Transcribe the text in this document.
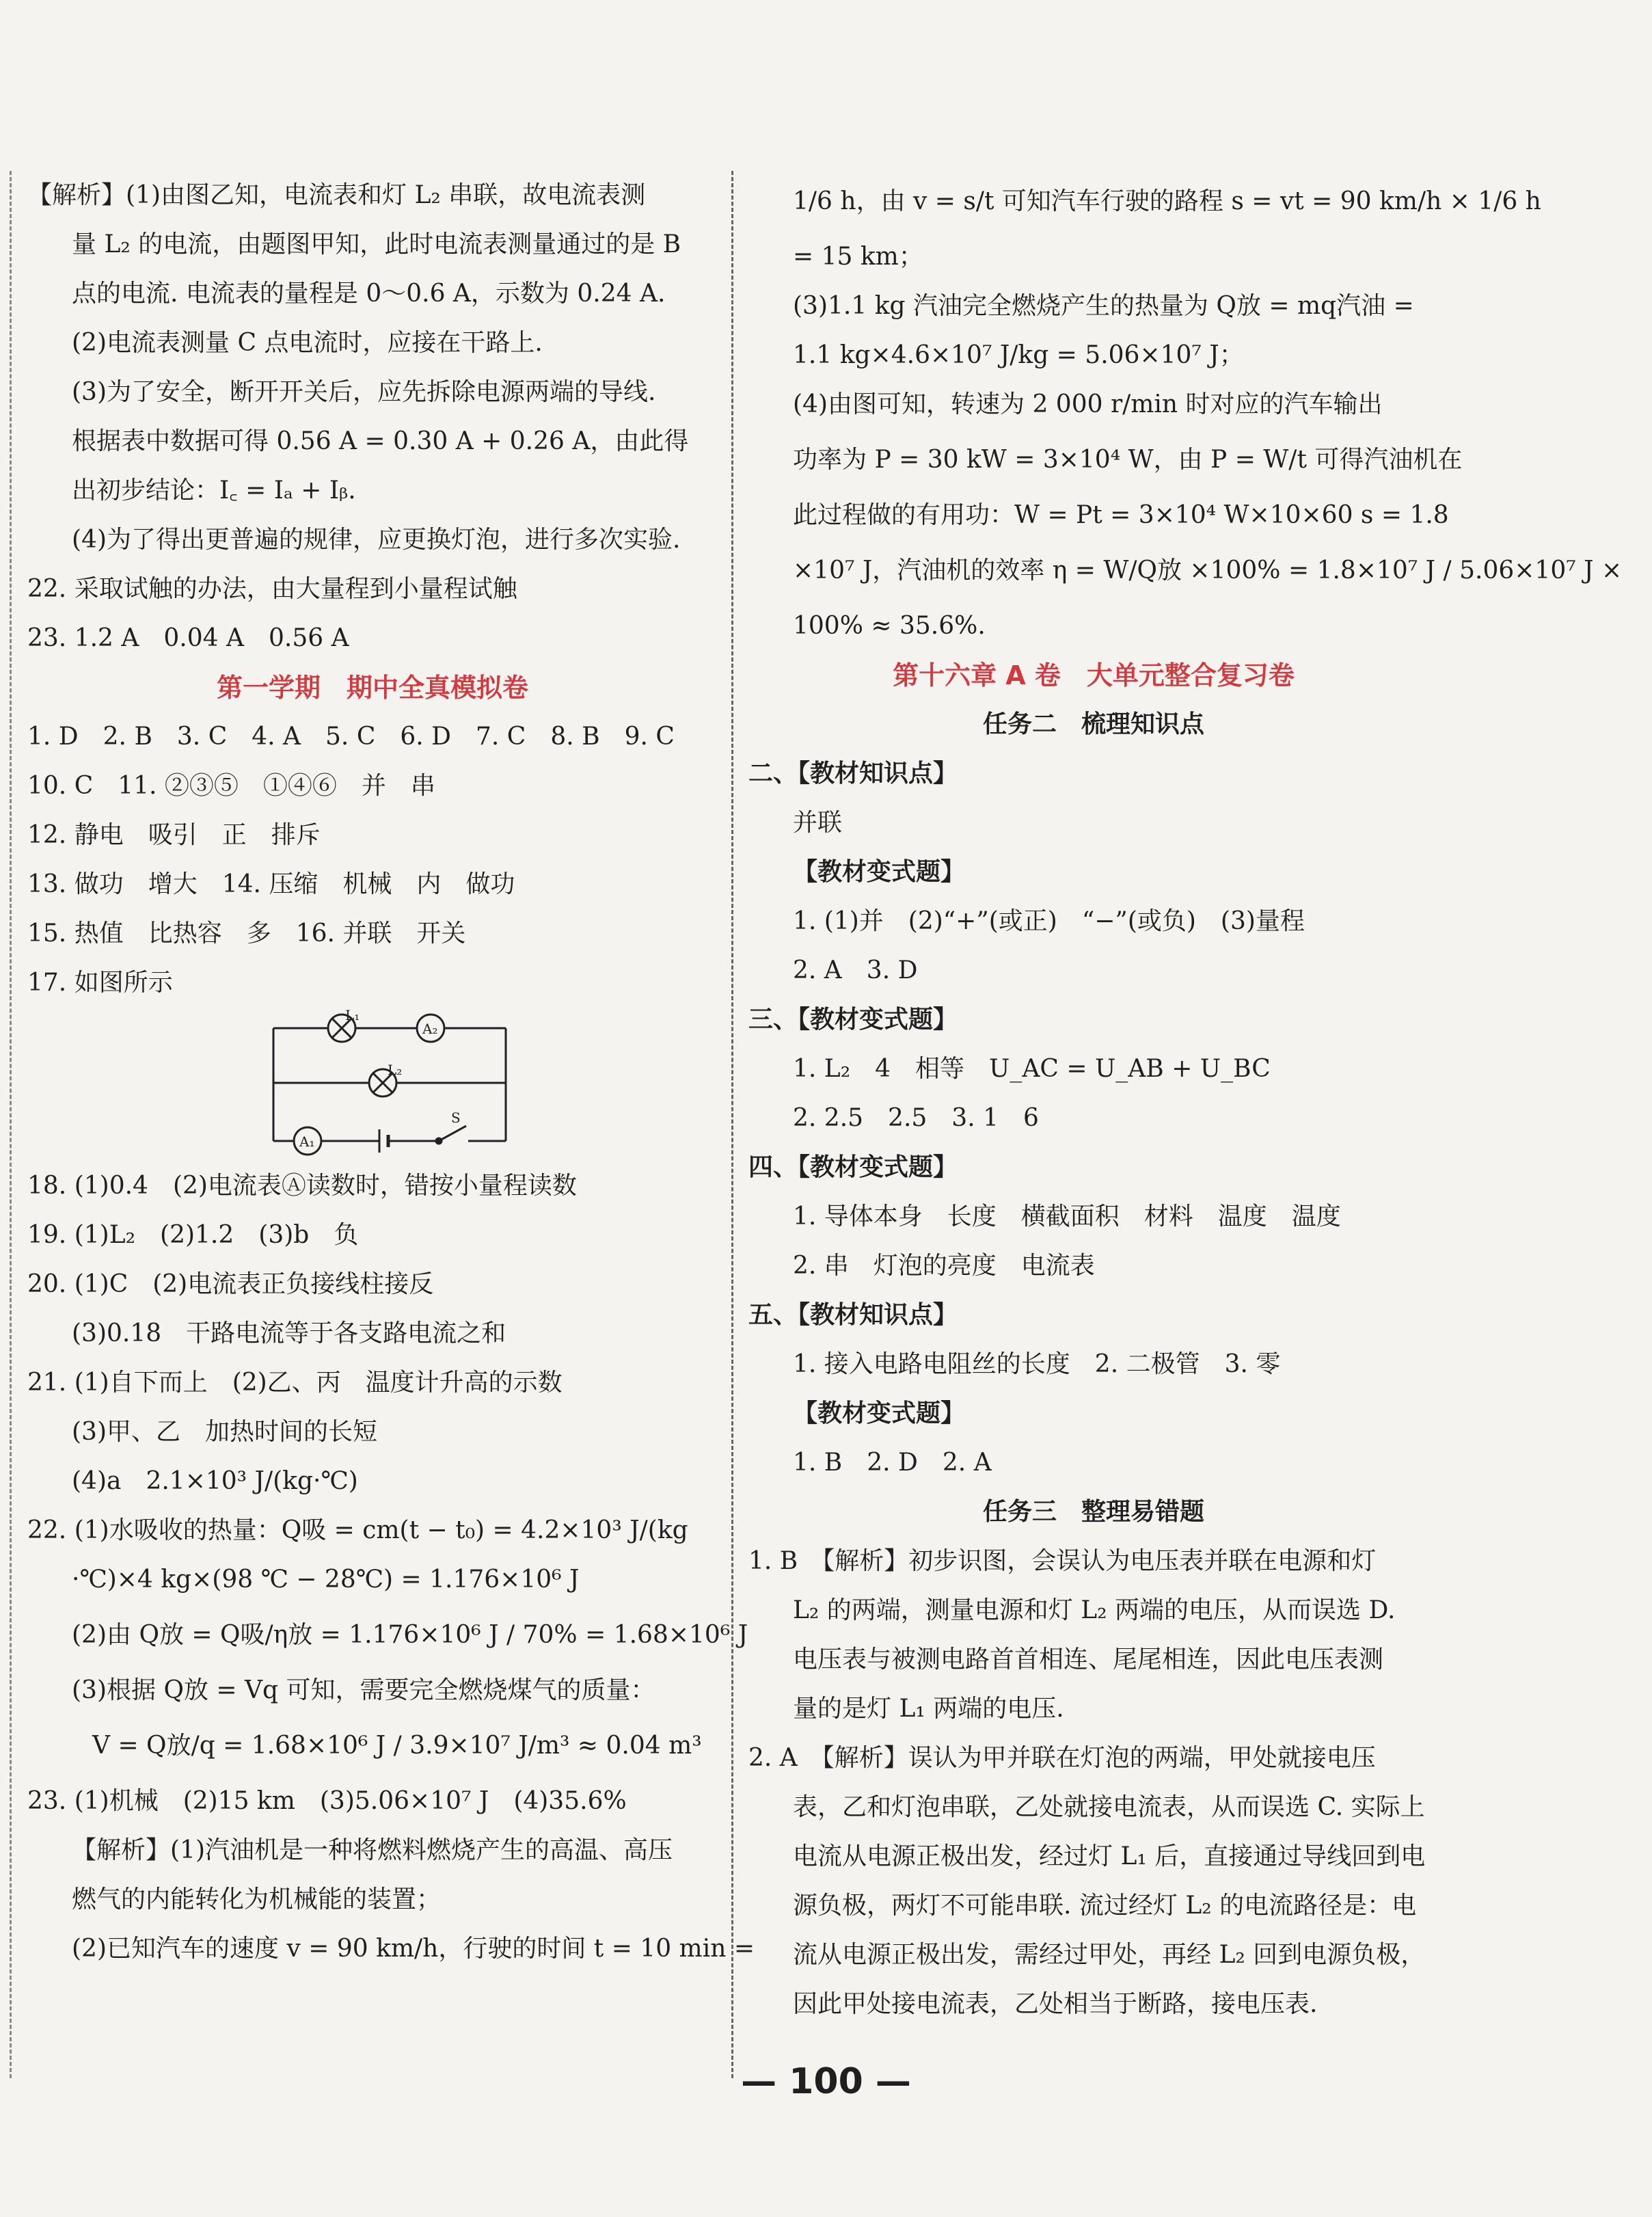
【解析】(1)由图乙知，电流表和灯 L₂ 串联，故电流表测
量 L₂ 的电流，由题图甲知，此时电流表测量通过的是 B
点的电流. 电流表的量程是 0～0.6 A，示数为 0.24 A.
(2)电流表测量 C 点电流时，应接在干路上.
(3)为了安全，断开开关后，应先拆除电源两端的导线.
根据表中数据可得 0.56 A = 0.30 A + 0.26 A，由此得
出初步结论：I꜀ = Iₐ + Iᵦ.
(4)为了得出更普遍的规律，应更换灯泡，进行多次实验.
22. 采取试触的办法，由大量程到小量程试触
23. 1.2 A　0.04 A　0.56 A
第一学期　期中全真模拟卷
1. D　2. B　3. C　4. A　5. C　6. D　7. C　8. B　9. C
10. C　11. ②③⑤　①④⑥　并　串
12. 静电　吸引　正　排斥
13. 做功　增大　14. 压缩　机械　内　做功
15. 热值　比热容　多　16. 并联　开关
17. 如图所示
L₁
A₂
L₂
A₁
S
18. (1)0.4　(2)电流表Ⓐ读数时，错按小量程读数
19. (1)L₂　(2)1.2　(3)b　负
20. (1)C　(2)电流表正负接线柱接反
(3)0.18　干路电流等于各支路电流之和
21. (1)自下而上　(2)乙、丙　温度计升高的示数
(3)甲、乙　加热时间的长短
(4)a　2.1×10³ J/(kg·℃)
22. (1)水吸收的热量：Q吸 = cm(t − t₀) = 4.2×10³ J/(kg
·℃)×4 kg×(98 ℃ − 28℃) = 1.176×10⁶ J
(2)由 Q放 = Q吸/η放 = 1.176×10⁶ J / 70% = 1.68×10⁶ J
(3)根据 Q放 = Vq 可知，需要完全燃烧煤气的质量：
V = Q放/q = 1.68×10⁶ J / 3.9×10⁷ J/m³ ≈ 0.04 m³
23. (1)机械　(2)15 km　(3)5.06×10⁷ J　(4)35.6%
【解析】(1)汽油机是一种将燃料燃烧产生的高温、高压
燃气的内能转化为机械能的装置；
(2)已知汽车的速度 v = 90 km/h，行驶的时间 t = 10 min =
1/6 h，由 v = s/t 可知汽车行驶的路程 s = vt = 90 km/h × 1/6 h
= 15 km；
(3)1.1 kg 汽油完全燃烧产生的热量为 Q放 = mq汽油 =
1.1 kg×4.6×10⁷ J/kg = 5.06×10⁷ J；
(4)由图可知，转速为 2 000 r/min 时对应的汽车输出
功率为 P = 30 kW = 3×10⁴ W，由 P = W/t 可得汽油机在
此过程做的有用功：W = Pt = 3×10⁴ W×10×60 s = 1.8
×10⁷ J，汽油机的效率 η = W/Q放 ×100% = 1.8×10⁷ J / 5.06×10⁷ J ×
100% ≈ 35.6%.
第十六章 A 卷　大单元整合复习卷
任务二　梳理知识点
二、【教材知识点】
并联
【教材变式题】
1. (1)并　(2)“+”(或正)　“−”(或负)　(3)量程
2. A　3. D
三、【教材变式题】
1. L₂　4　相等　U_AC = U_AB + U_BC
2. 2.5　2.5　3. 1　6
四、【教材变式题】
1. 导体本身　长度　横截面积　材料　温度　温度
2. 串　灯泡的亮度　电流表
五、【教材知识点】
1. 接入电路电阻丝的长度　2. 二极管　3. 零
【教材变式题】
1. B　2. D　2. A
任务三　整理易错题
1. B　【解析】初步识图，会误认为电压表并联在电源和灯
L₂ 的两端，测量电源和灯 L₂ 两端的电压，从而误选 D.
电压表与被测电路首首相连、尾尾相连，因此电压表测
量的是灯 L₁ 两端的电压.
2. A　【解析】误认为甲并联在灯泡的两端，甲处就接电压
表，乙和灯泡串联，乙处就接电流表，从而误选 C. 实际上
电流从电源正极出发，经过灯 L₁ 后，直接通过导线回到电
源负极，两灯不可能串联. 流过经灯 L₂ 的电流路径是：电
流从电源正极出发，需经过甲处，再经 L₂ 回到电源负极，
因此甲处接电流表，乙处相当于断路，接电压表.
— 100 —
